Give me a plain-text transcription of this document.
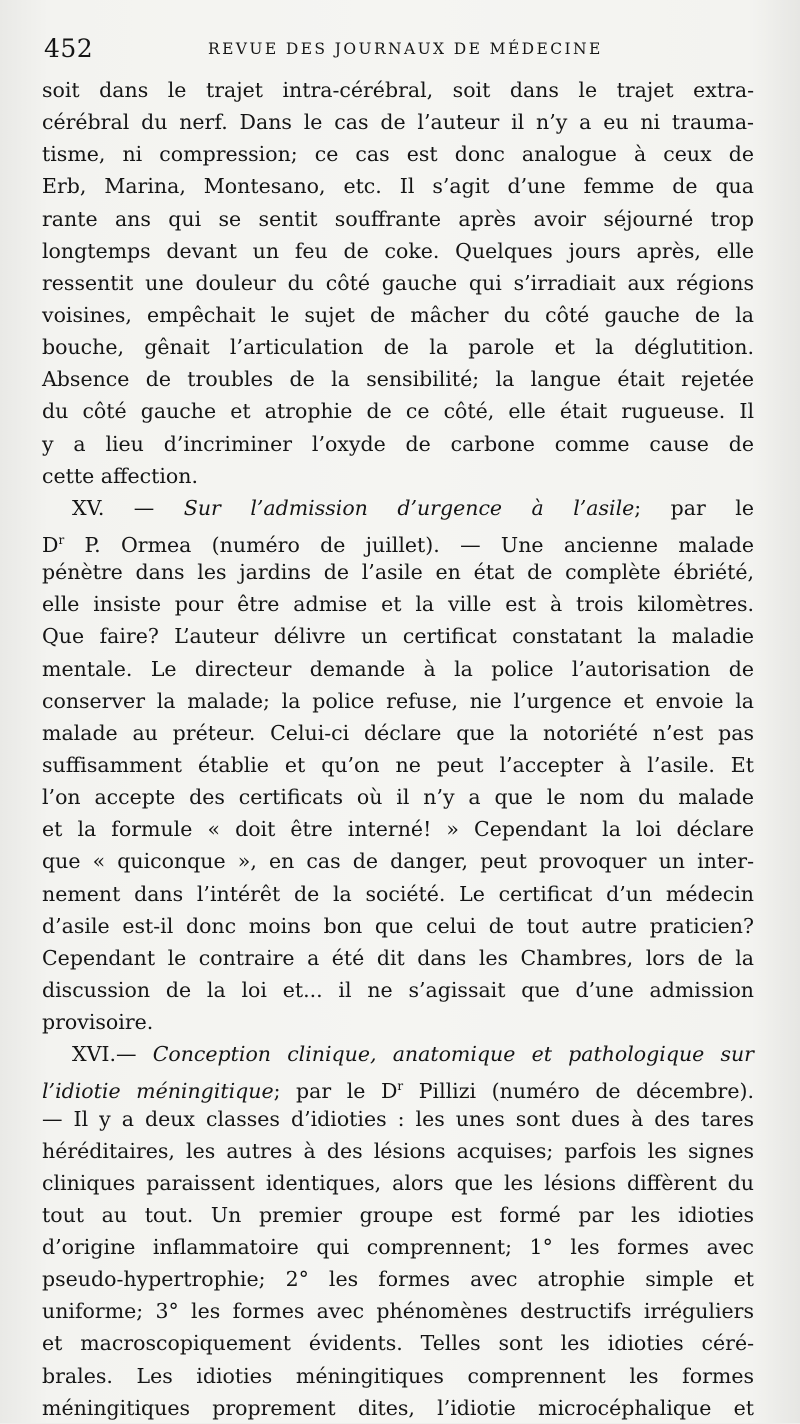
452	REVUE DES JOURNAUX DE MÉDECINE
soit dans le trajet intra-cérébral, soit dans le trajet extra-
cérébral du nerf. Dans le cas de l’auteur il n’y a eu ni trauma-
tisme, ni compression; ce cas est donc analogue à ceux de
Erb, Marina, Montesano, etc. Il s’agit d’une femme de qua
rante ans qui se sentit souffrante après avoir séjourné trop
longtemps devant un feu de coke. Quelques jours après, elle
ressentit une douleur du côté gauche qui s’irradiait aux régions
voisines, empêchait le sujet de mâcher du côté gauche de la
bouche, gênait l’articulation de la parole et la déglutition.
Absence de troubles de la sensibilité; la langue était rejetée
du côté gauche et atrophie de ce côté, elle était rugueuse. Il
y a lieu d’incriminer l’oxyde de carbone comme cause de
cette affection.
XV. — Sur l’admission d’urgence à l’asile; par le
$D^r$ P. Ormea (numéro de juillet). — Une ancienne malade
pénètre dans les jardins de l’asile en état de complète ébriété,
elle insiste pour être admise et la ville est à trois kilomètres.
Que faire? L’auteur délivre un certificat constatant la maladie
mentale. Le directeur demande à la police l’autorisation de
conserver la malade; la police refuse, nie l’urgence et envoie la
malade au préteur. Celui-ci déclare que la notoriété n’est pas
suffisamment établie et qu’on ne peut l’accepter à l’asile. Et
l’on accepte des certificats où il n’y a que le nom du malade
et la formule « doit être interné! » Cependant la loi déclare
que « quiconque », en cas de danger, peut provoquer un inter-
nement dans l’intérêt de la société. Le certificat d’un médecin
d’asile est-il donc moins bon que celui de tout autre praticien?
Cependant le contraire a été dit dans les Chambres, lors de la
discussion de la loi et... il ne s’agissait que d’une admission
provisoire.
XVI.— Conception clinique, anatomique et pathologique sur
l’idiotie méningitique; par le $D^r$ Pillizi (numéro de décembre).
— Il y a deux classes d’idioties : les unes sont dues à des tares
héréditaires, les autres à des lésions acquises; parfois les signes
cliniques paraissent identiques, alors que les lésions diffèrent du
tout au tout. Un premier groupe est formé par les idioties
d’origine inflammatoire qui comprennent; 1° les formes avec
pseudo-hypertrophie; 2° les formes avec atrophie simple et
uniforme; 3° les formes avec phénomènes destructifs irréguliers
et macroscopiquement évidents. Telles sont les idioties céré-
brales. Les idioties méningitiques comprennent les formes
méningitiques proprement dites, l’idiotie microcéphalique et
